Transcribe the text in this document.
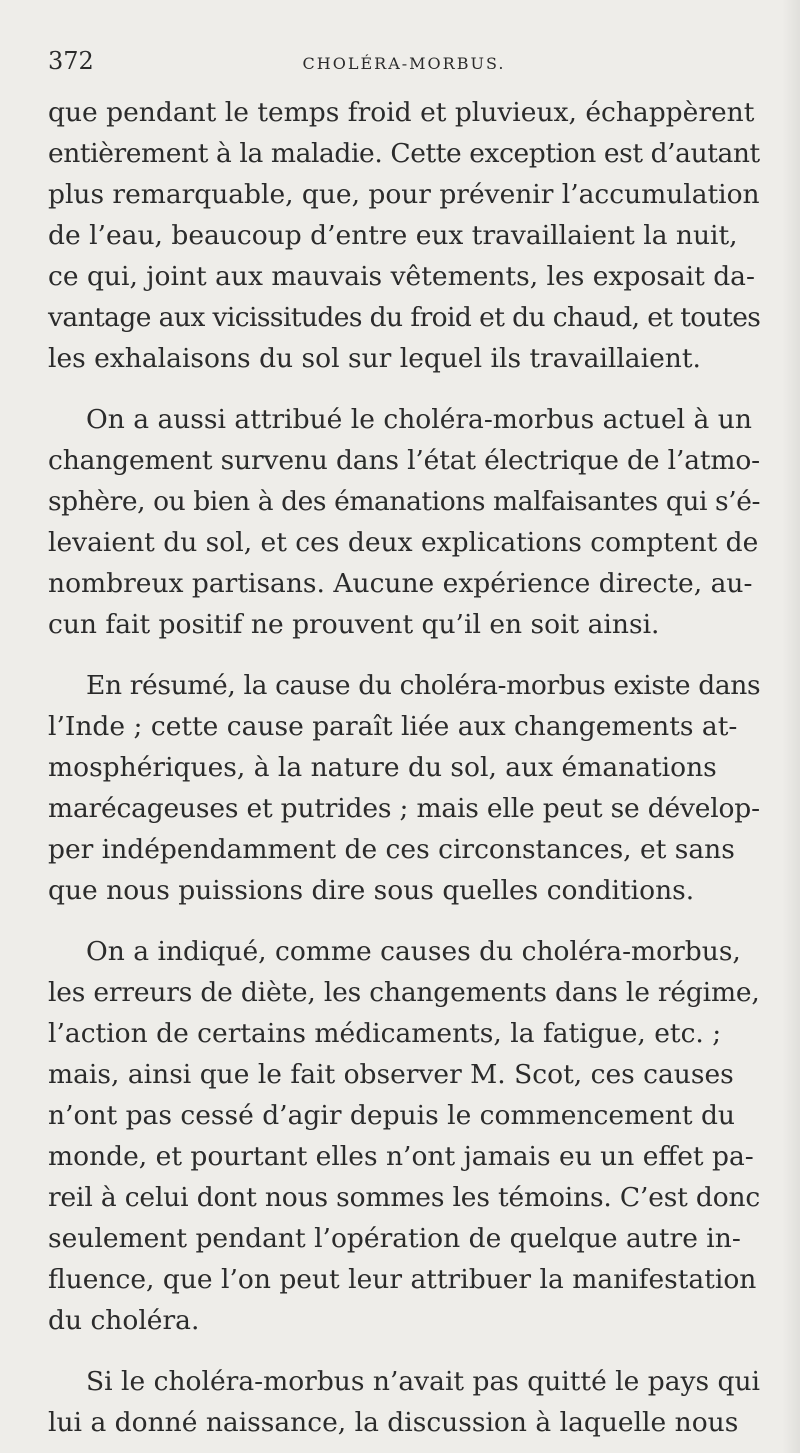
372	CHOLÉRA-MORBUS.
que pendant le temps froid et pluvieux, échappèrent
entièrement à la maladie. Cette exception est d’autant
plus remarquable, que, pour prévenir l’accumulation
de l’eau, beaucoup d’entre eux travaillaient la nuit,
ce qui, joint aux mauvais vêtements, les exposait da-
vantage aux vicissitudes du froid et du chaud, et toutes
les exhalaisons du sol sur lequel ils travaillaient.
On a aussi attribué le choléra-morbus actuel à un
changement survenu dans l’état électrique de l’atmo-
sphère, ou bien à des émanations malfaisantes qui s’é-
levaient du sol, et ces deux explications comptent de
nombreux partisans. Aucune expérience directe, au-
cun fait positif ne prouvent qu’il en soit ainsi.
En résumé, la cause du choléra-morbus existe dans
l’Inde ; cette cause paraît liée aux changements at-
mosphériques, à la nature du sol, aux émanations
marécageuses et putrides ; mais elle peut se dévelop-
per indépendamment de ces circonstances, et sans
que nous puissions dire sous quelles conditions.
On a indiqué, comme causes du choléra-morbus,
les erreurs de diète, les changements dans le régime,
l’action de certains médicaments, la fatigue, etc. ;
mais, ainsi que le fait observer M. Scot, ces causes
n’ont pas cessé d’agir depuis le commencement du
monde, et pourtant elles n’ont jamais eu un effet pa-
reil à celui dont nous sommes les témoins. C’est donc
seulement pendant l’opération de quelque autre in-
fluence, que l’on peut leur attribuer la manifestation
du choléra.
Si le choléra-morbus n’avait pas quitté le pays qui
lui a donné naissance, la discussion à laquelle nous
